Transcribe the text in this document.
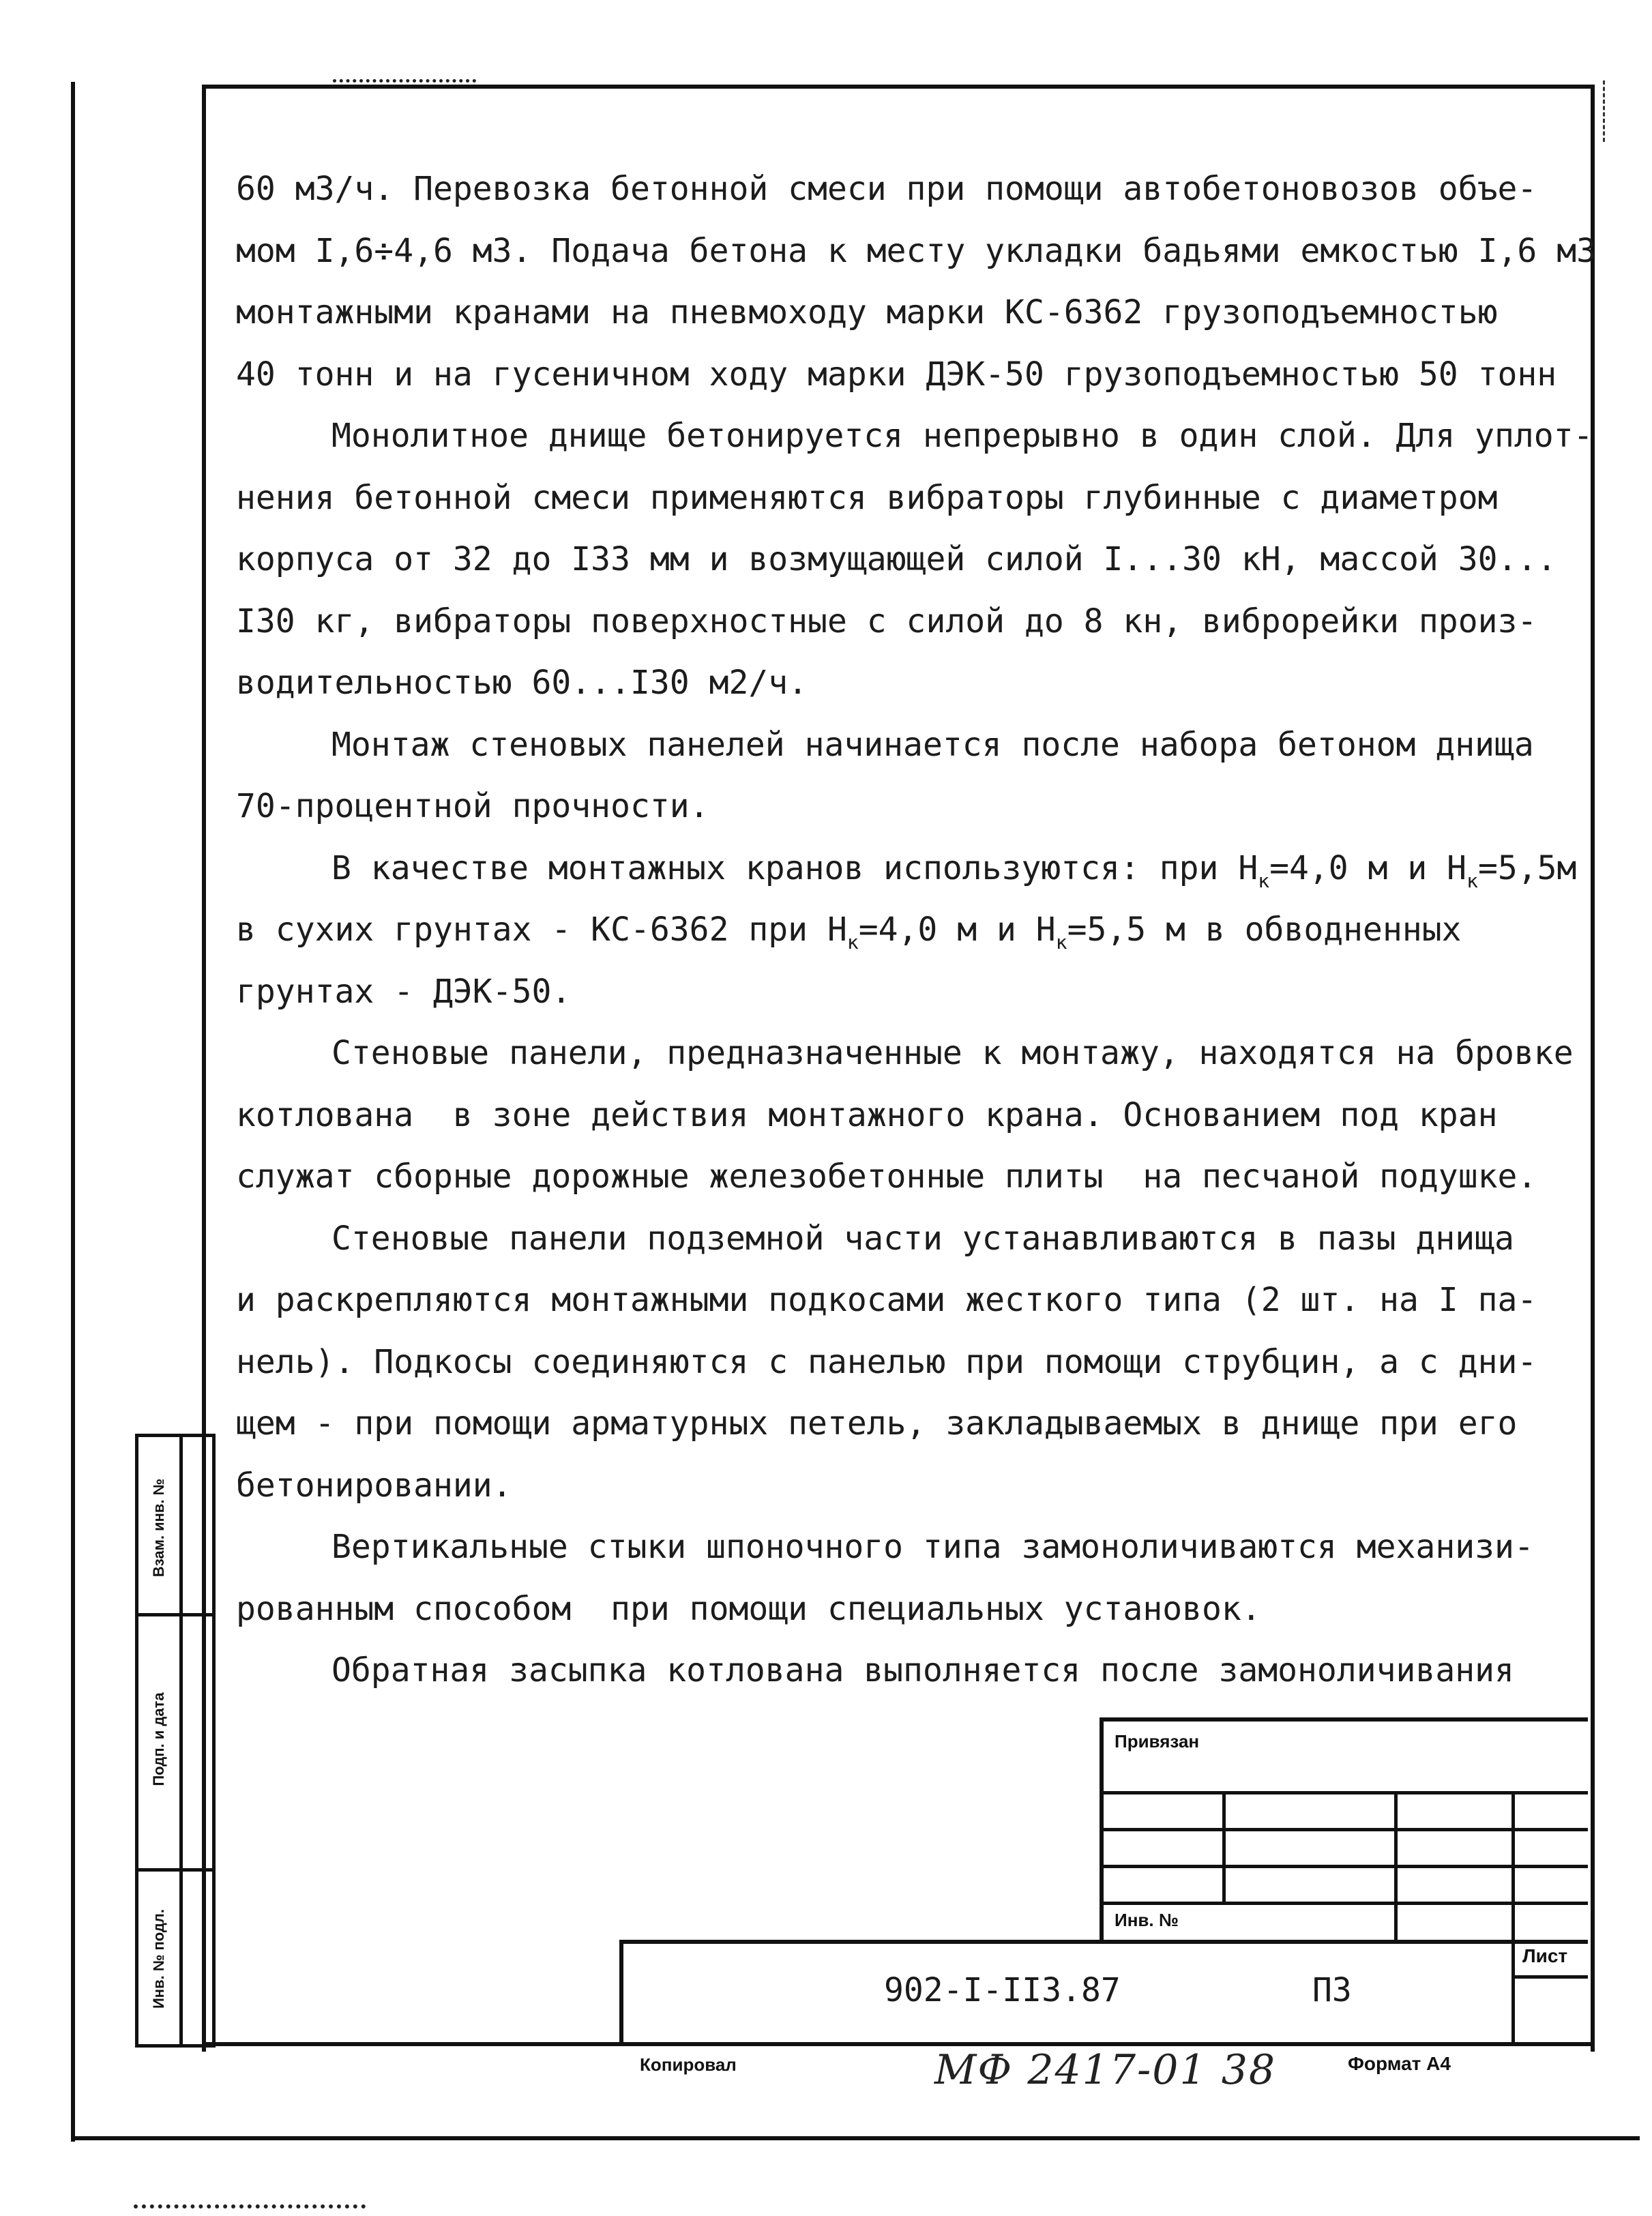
60 м3/ч. Перевозка бетонной смеси при помощи автобетоновозов объе-
мом I,6÷4,6 м3. Подача бетона к месту укладки бадьями емкостью I,6 м3
монтажными кранами на пневмоходу марки КС-6362 грузоподъемностью
40 тонн и на гусеничном ходу марки ДЭК-50 грузоподъемностью 50 тонн
Монолитное днище бетонируется непрерывно в один слой. Для уплот-
нения бетонной смеси применяются вибраторы глубинные с диаметром
корпуса от 32 до I33 мм и возмущающей силой I...30 кН, массой 30...
I30 кг, вибраторы поверхностные с силой до 8 кн, виброрейки произ-
водительностью 60...I30 м2/ч.
Монтаж стеновых панелей начинается после набора бетоном днища
70-процентной прочности.
В качестве монтажных кранов используются: при $Н_к=4,0$ м и $Н_к=5,5м$
в сухих грунтах - КС-6362 при $Н_к=4,0$ м и $Н_к=5,5$ м в обводненных
грунтах - ДЭК-50.
Стеновые панели, предназначенные к монтажу, находятся на бровке
котлована  в зоне действия монтажного крана. Основанием под кран
служат сборные дорожные железобетонные плиты  на песчаной подушке.
Стеновые панели подземной части устанавливаются в пазы днища
и раскрепляются монтажными подкосами жесткого типа (2 шт. на I па-
нель). Подкосы соединяются с панелью при помощи струбцин, а с дни-
щем - при помощи арматурных петель, закладываемых в днище при его
бетонировании.
Вертикальные стыки шпоночного типа замоноличиваются механизи-
рованным способом  при помощи специальных установок.
Обратная засыпка котлована выполняется после замоноличивания
Взам. инв. №
Подп. и дата
Инв. № подл.
Привязан
Инв. №
902-I-II3.87	ПЗ
Лист
Копировал	МФ 2417-01 38	Формат А4
